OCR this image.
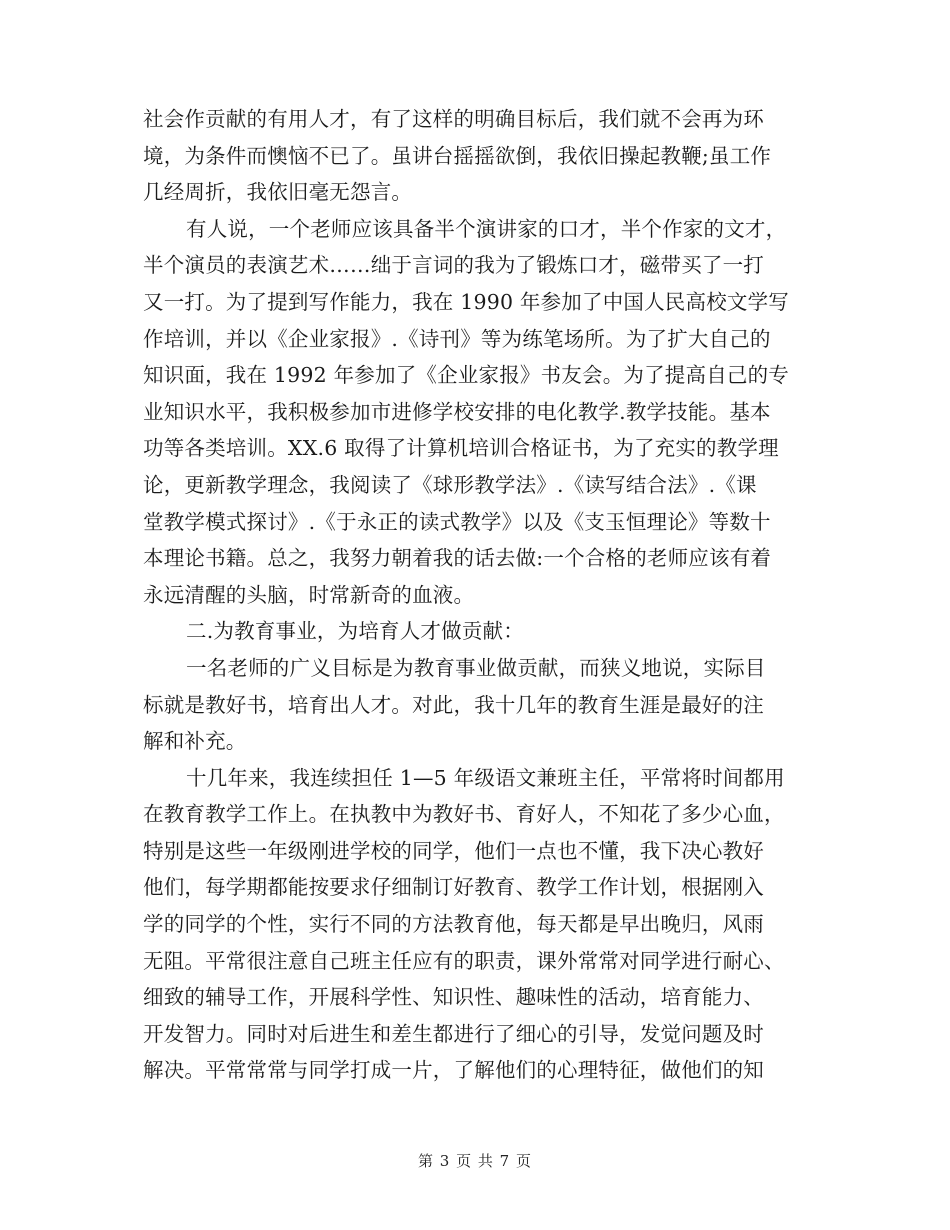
社会作贡献的有用人才，有了这样的明确目标后，我们就不会再为环
境，为条件而懊恼不已了。虽讲台摇摇欲倒，我依旧操起教鞭;虽工作
几经周折，我依旧毫无怨言。
有人说，一个老师应该具备半个演讲家的口才，半个作家的文才，
半个演员的表演艺术……绌于言词的我为了锻炼口才，磁带买了一打
又一打。为了提到写作能力，我在 1990 年参加了中国人民高校文学写
作培训，并以《企业家报》.《诗刊》等为练笔场所。为了扩大自己的
知识面，我在 1992 年参加了《企业家报》书友会。为了提高自己的专
业知识水平，我积极参加市进修学校安排的电化教学.教学技能。基本
功等各类培训。XX.6 取得了计算机培训合格证书，为了充实的教学理
论，更新教学理念，我阅读了《球形教学法》.《读写结合法》.《课
堂教学模式探讨》.《于永正的读式教学》以及《支玉恒理论》等数十
本理论书籍。总之，我努力朝着我的话去做:一个合格的老师应该有着
永远清醒的头脑，时常新奇的血液。
二.为教育事业，为培育人才做贡献：
一名老师的广义目标是为教育事业做贡献，而狭义地说，实际目
标就是教好书，培育出人才。对此，我十几年的教育生涯是最好的注
解和补充。
十几年来，我连续担任 1—5 年级语文兼班主任，平常将时间都用
在教育教学工作上。在执教中为教好书、育好人，不知花了多少心血，
特别是这些一年级刚进学校的同学，他们一点也不懂，我下决心教好
他们，每学期都能按要求仔细制订好教育、教学工作计划，根据刚入
学的同学的个性，实行不同的方法教育他，每天都是早出晚归，风雨
无阻。平常很注意自己班主任应有的职责，课外常常对同学进行耐心、
细致的辅导工作，开展科学性、知识性、趣味性的活动，培育能力、
开发智力。同时对后进生和差生都进行了细心的引导，发觉问题及时
解决。平常常常与同学打成一片，了解他们的心理特征，做他们的知
第 3 页 共 7 页
